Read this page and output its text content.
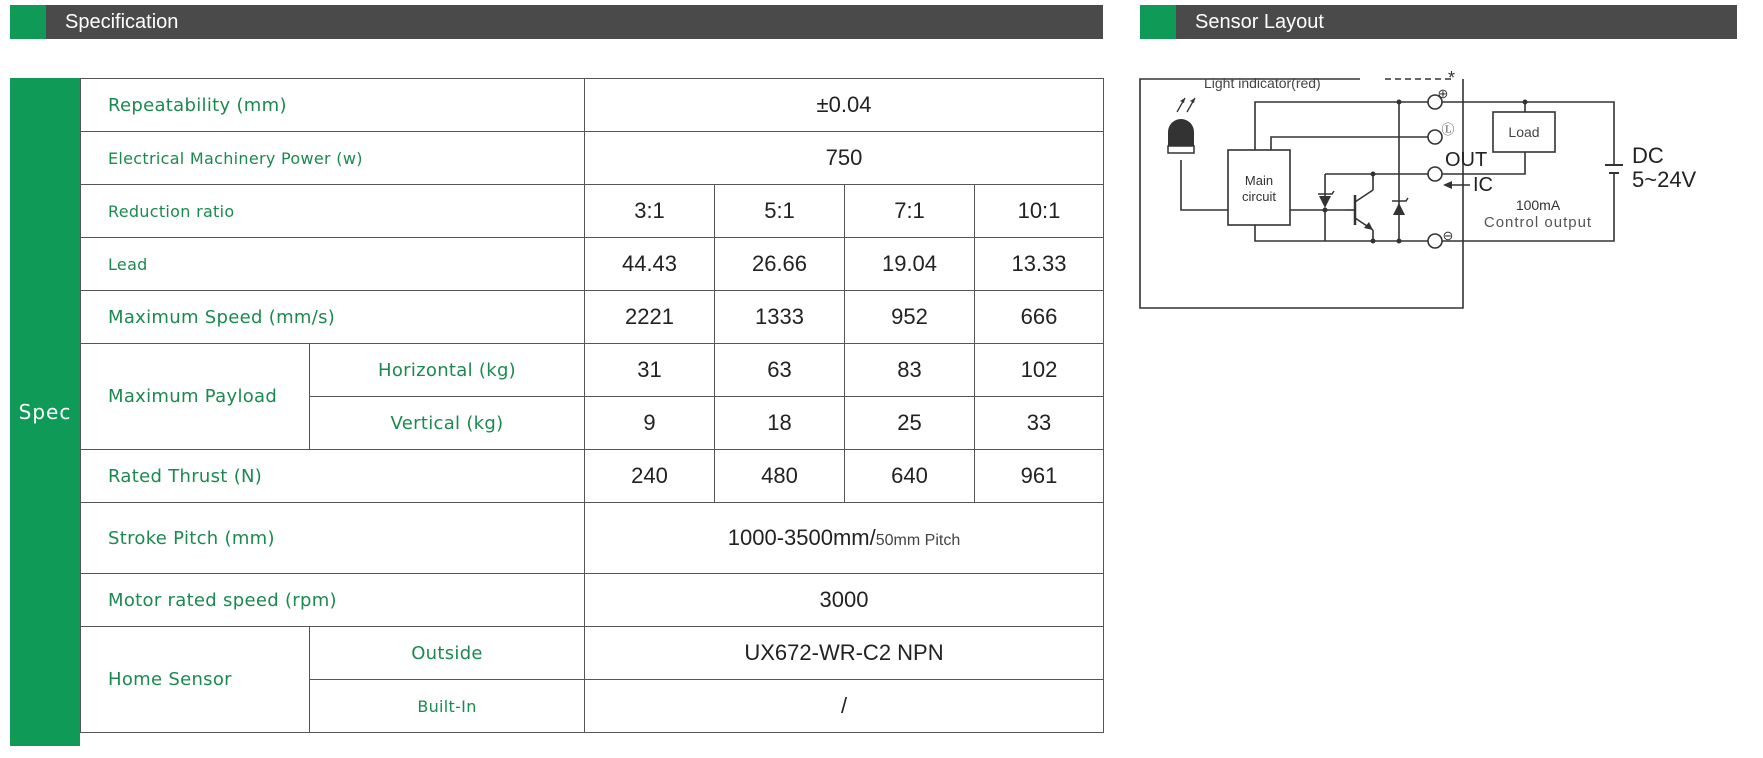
Specification	Sensor Layout
Spec
Repeatability (mm)		±0.04			
Electrical Machinery Power (w)		750			
Reduction ratio		3:1	5:1	7:1	10:1
Lead		44.43	26.66	19.04	13.33
Maximum Speed (mm/s)		2221	1333	952	666
Maximum Payload	Horizontal (kg)	31	63	83	102
	Vertical (kg)	9	18	25	33
Rated Thrust (N)		240	480	640	961
Stroke Pitch (mm)		1000-3500mm/50mm Pitch			
Motor rated speed (rpm)		3000			
Home Sensor	Outside	UX672-WR-C2 NPN			
	Built-In	/			
Light indicator(red)	*
⊕
Ⓛ
⊖
Load
OUT
IC
Main
circuit
100mA
Control output
DC
5~24V
